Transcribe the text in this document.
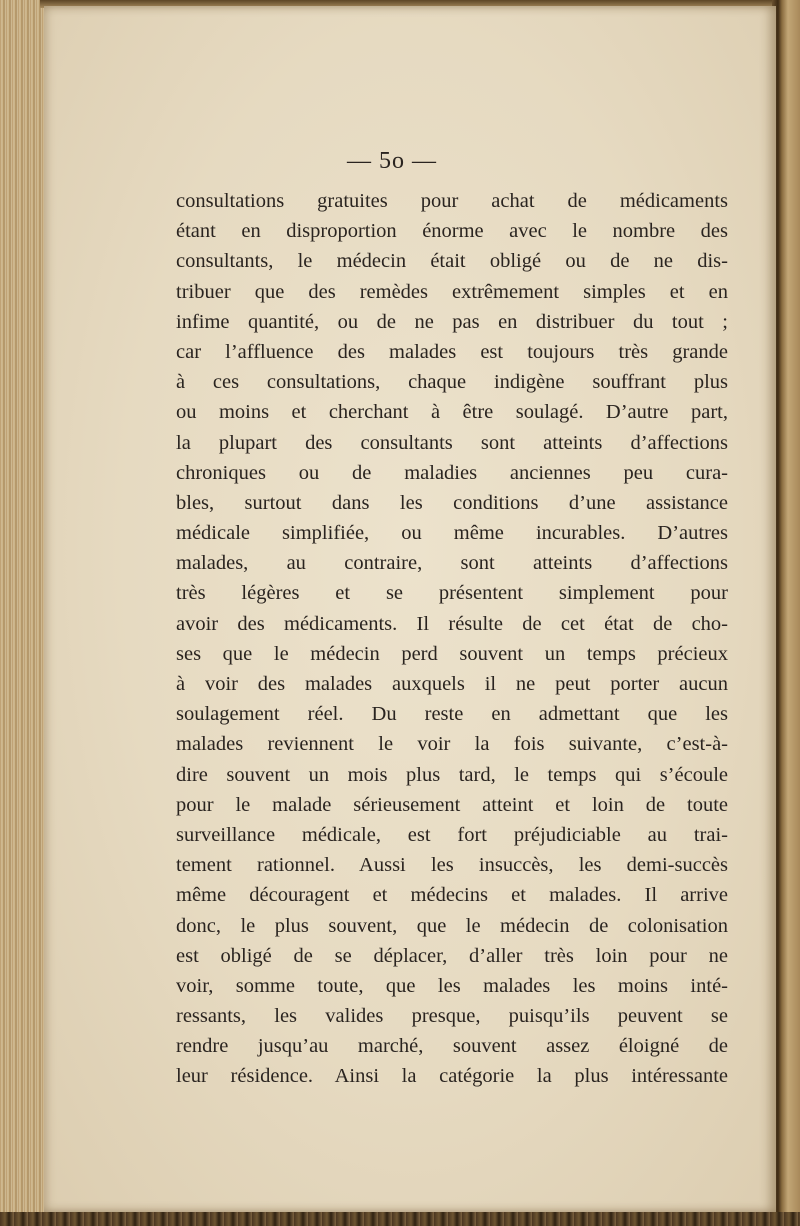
— 5o —
consultations gratuites pour achat de médicaments
étant en disproportion énorme avec le nombre des
consultants, le médecin était obligé ou de ne dis-
tribuer que des remèdes extrêmement simples et en
infime quantité, ou de ne pas en distribuer du tout ;
car l’affluence des malades est toujours très grande
à ces consultations, chaque indigène souffrant plus
ou moins et cherchant à être soulagé. D’autre part,
la plupart des consultants sont atteints d’affections
chroniques ou de maladies anciennes peu cura-
bles, surtout dans les conditions d’une assistance
médicale simplifiée, ou même incurables. D’autres
malades, au contraire, sont atteints d’affections
très légères et se présentent simplement pour
avoir des médicaments. Il résulte de cet état de cho-
ses que le médecin perd souvent un temps précieux
à voir des malades auxquels il ne peut porter aucun
soulagement réel. Du reste en admettant que les
malades reviennent le voir la fois suivante, c’est-à-
dire souvent un mois plus tard, le temps qui s’écoule
pour le malade sérieusement atteint et loin de toute
surveillance médicale, est fort préjudiciable au trai-
tement rationnel. Aussi les insuccès, les demi-succès
même découragent et médecins et malades. Il arrive
donc, le plus souvent, que le médecin de colonisation
est obligé de se déplacer, d’aller très loin pour ne
voir, somme toute, que les malades les moins inté-
ressants, les valides presque, puisqu’ils peuvent se
rendre jusqu’au marché, souvent assez éloigné de
leur résidence. Ainsi la catégorie la plus intéressante
